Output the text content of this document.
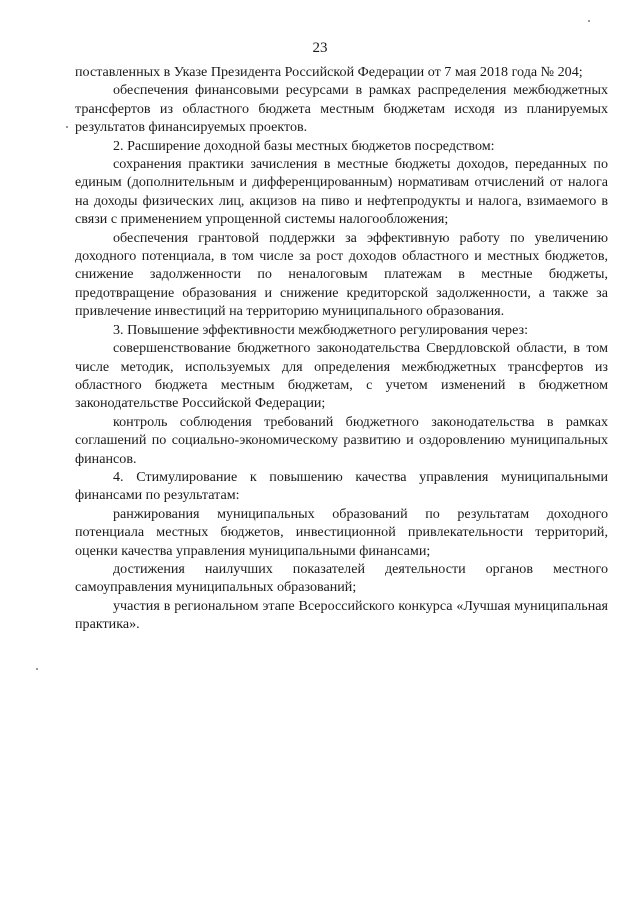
23

поставленных в Указе Президента Российской Федерации от 7 мая 2018 года № 204;

обеспечения финансовыми ресурсами в рамках распределения межбюджетных трансфертов из областного бюджета местным бюджетам исходя из планируемых результатов финансируемых проектов.

2. Расширение доходной базы местных бюджетов посредством:

сохранения практики зачисления в местные бюджеты доходов, переданных по единым (дополнительным и дифференцированным) нормативам отчислений от налога на доходы физических лиц, акцизов на пиво и нефтепродукты и налога, взимаемого в связи с применением упрощенной системы налогообложения;

обеспечения грантовой поддержки за эффективную работу по увеличению доходного потенциала, в том числе за рост доходов областного и местных бюджетов, снижение задолженности по неналоговым платежам в местные бюджеты, предотвращение образования и снижение кредиторской задолженности, а также за привлечение инвестиций на территорию муниципального образования.

3. Повышение эффективности межбюджетного регулирования через:

совершенствование бюджетного законодательства Свердловской области, в том числе методик, используемых для определения межбюджетных трансфертов из областного бюджета местным бюджетам, с учетом изменений в бюджетном законодательстве Российской Федерации;

контроль соблюдения требований бюджетного законодательства в рамках соглашений по социально-экономическому развитию и оздоровлению муниципальных финансов.

4. Стимулирование к повышению качества управления муниципальными финансами по результатам:

ранжирования муниципальных образований по результатам доходного потенциала местных бюджетов, инвестиционной привлекательности территорий, оценки качества управления муниципальными финансами;

достижения наилучших показателей деятельности органов местного самоуправления муниципальных образований;

участия в региональном этапе Всероссийского конкурса «Лучшая муниципальная практика».
